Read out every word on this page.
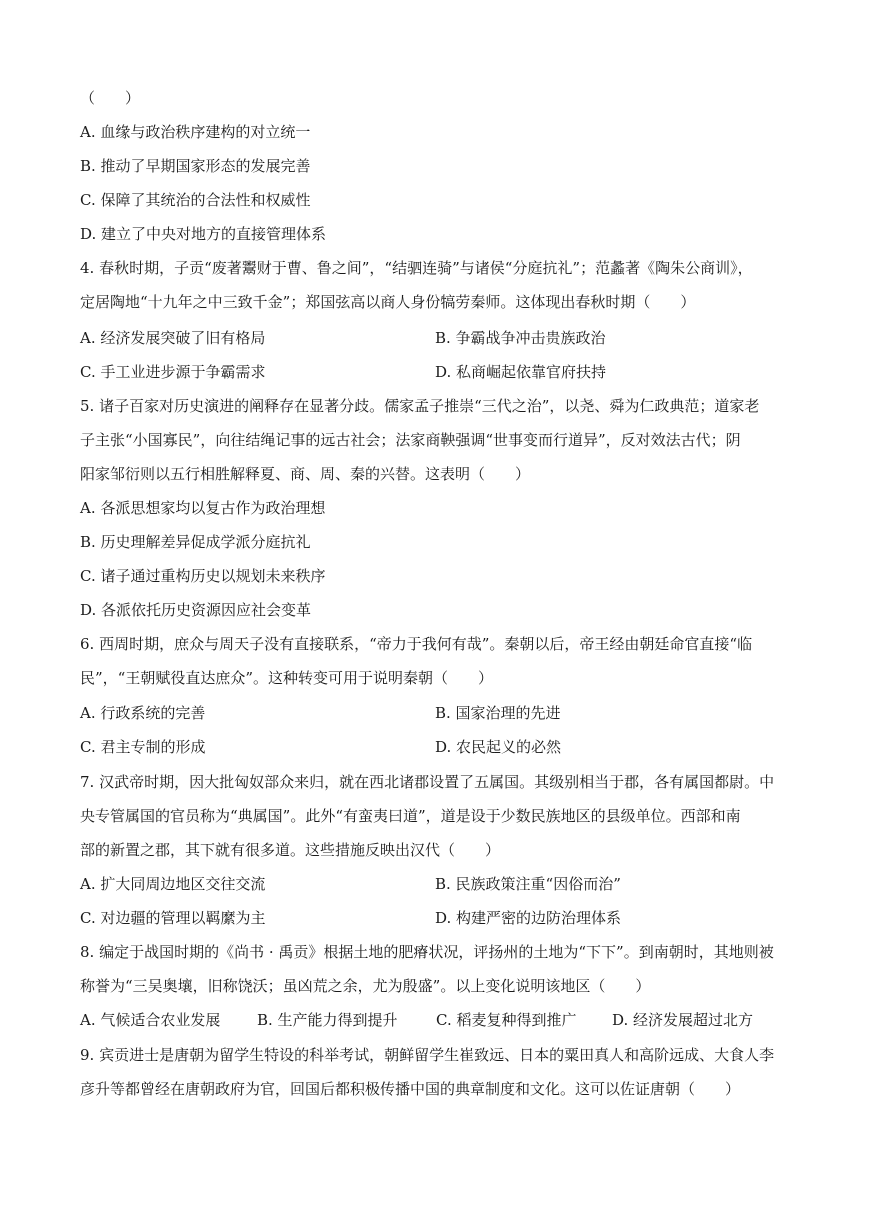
（　　）
A. 血缘与政治秩序建构的对立统一
B. 推动了早期国家形态的发展完善
C. 保障了其统治的合法性和权威性
D. 建立了中央对地方的直接管理体系
4. 春秋时期，子贡“废著鬻财于曹、鲁之间”，“结驷连骑”与诸侯“分庭抗礼”；范蠡著《陶朱公商训》，
定居陶地“十九年之中三致千金”；郑国弦高以商人身份犒劳秦师。这体现出春秋时期（　　）
A. 经济发展突破了旧有格局	B. 争霸战争冲击贵族政治
C. 手工业进步源于争霸需求	D. 私商崛起依靠官府扶持
5. 诸子百家对历史演进的阐释存在显著分歧。儒家孟子推崇“三代之治”，以尧、舜为仁政典范；道家老
子主张“小国寡民”，向往结绳记事的远古社会；法家商鞅强调“世事变而行道异”，反对效法古代；阴
阳家邹衍则以五行相胜解释夏、商、周、秦的兴替。这表明（　　）
A. 各派思想家均以复古作为政治理想
B. 历史理解差异促成学派分庭抗礼
C. 诸子通过重构历史以规划未来秩序
D. 各派依托历史资源因应社会变革
6. 西周时期，庶众与周天子没有直接联系，“帝力于我何有哉”。秦朝以后，帝王经由朝廷命官直接“临
民”，“王朝赋役直达庶众”。这种转变可用于说明秦朝（　　）
A. 行政系统的完善	B. 国家治理的先进
C. 君主专制的形成	D. 农民起义的必然
7. 汉武帝时期，因大批匈奴部众来归，就在西北诸郡设置了五属国。其级别相当于郡，各有属国都尉。中
央专管属国的官员称为“典属国”。此外“有蛮夷曰道”，道是设于少数民族地区的县级单位。西部和南
部的新置之郡，其下就有很多道。这些措施反映出汉代（　　）
A. 扩大同周边地区交往交流	B. 民族政策注重“因俗而治”
C. 对边疆的管理以羁縻为主	D. 构建严密的边防治理体系
8. 编定于战国时期的《尚书 · 禹贡》根据土地的肥瘠状况，评扬州的土地为“下下”。到南朝时，其地则被
称誉为“三吴奥壤，旧称饶沃；虽凶荒之余，尤为殷盛”。以上变化说明该地区（　　）
A. 气候适合农业发展 B. 生产能力得到提升	C. 稻麦复种得到推广 D. 经济发展超过北方
9. 宾贡进士是唐朝为留学生特设的科举考试，朝鲜留学生崔致远、日本的粟田真人和高阶远成、大食人李
彦升等都曾经在唐朝政府为官，回国后都积极传播中国的典章制度和文化。这可以佐证唐朝（　　）
